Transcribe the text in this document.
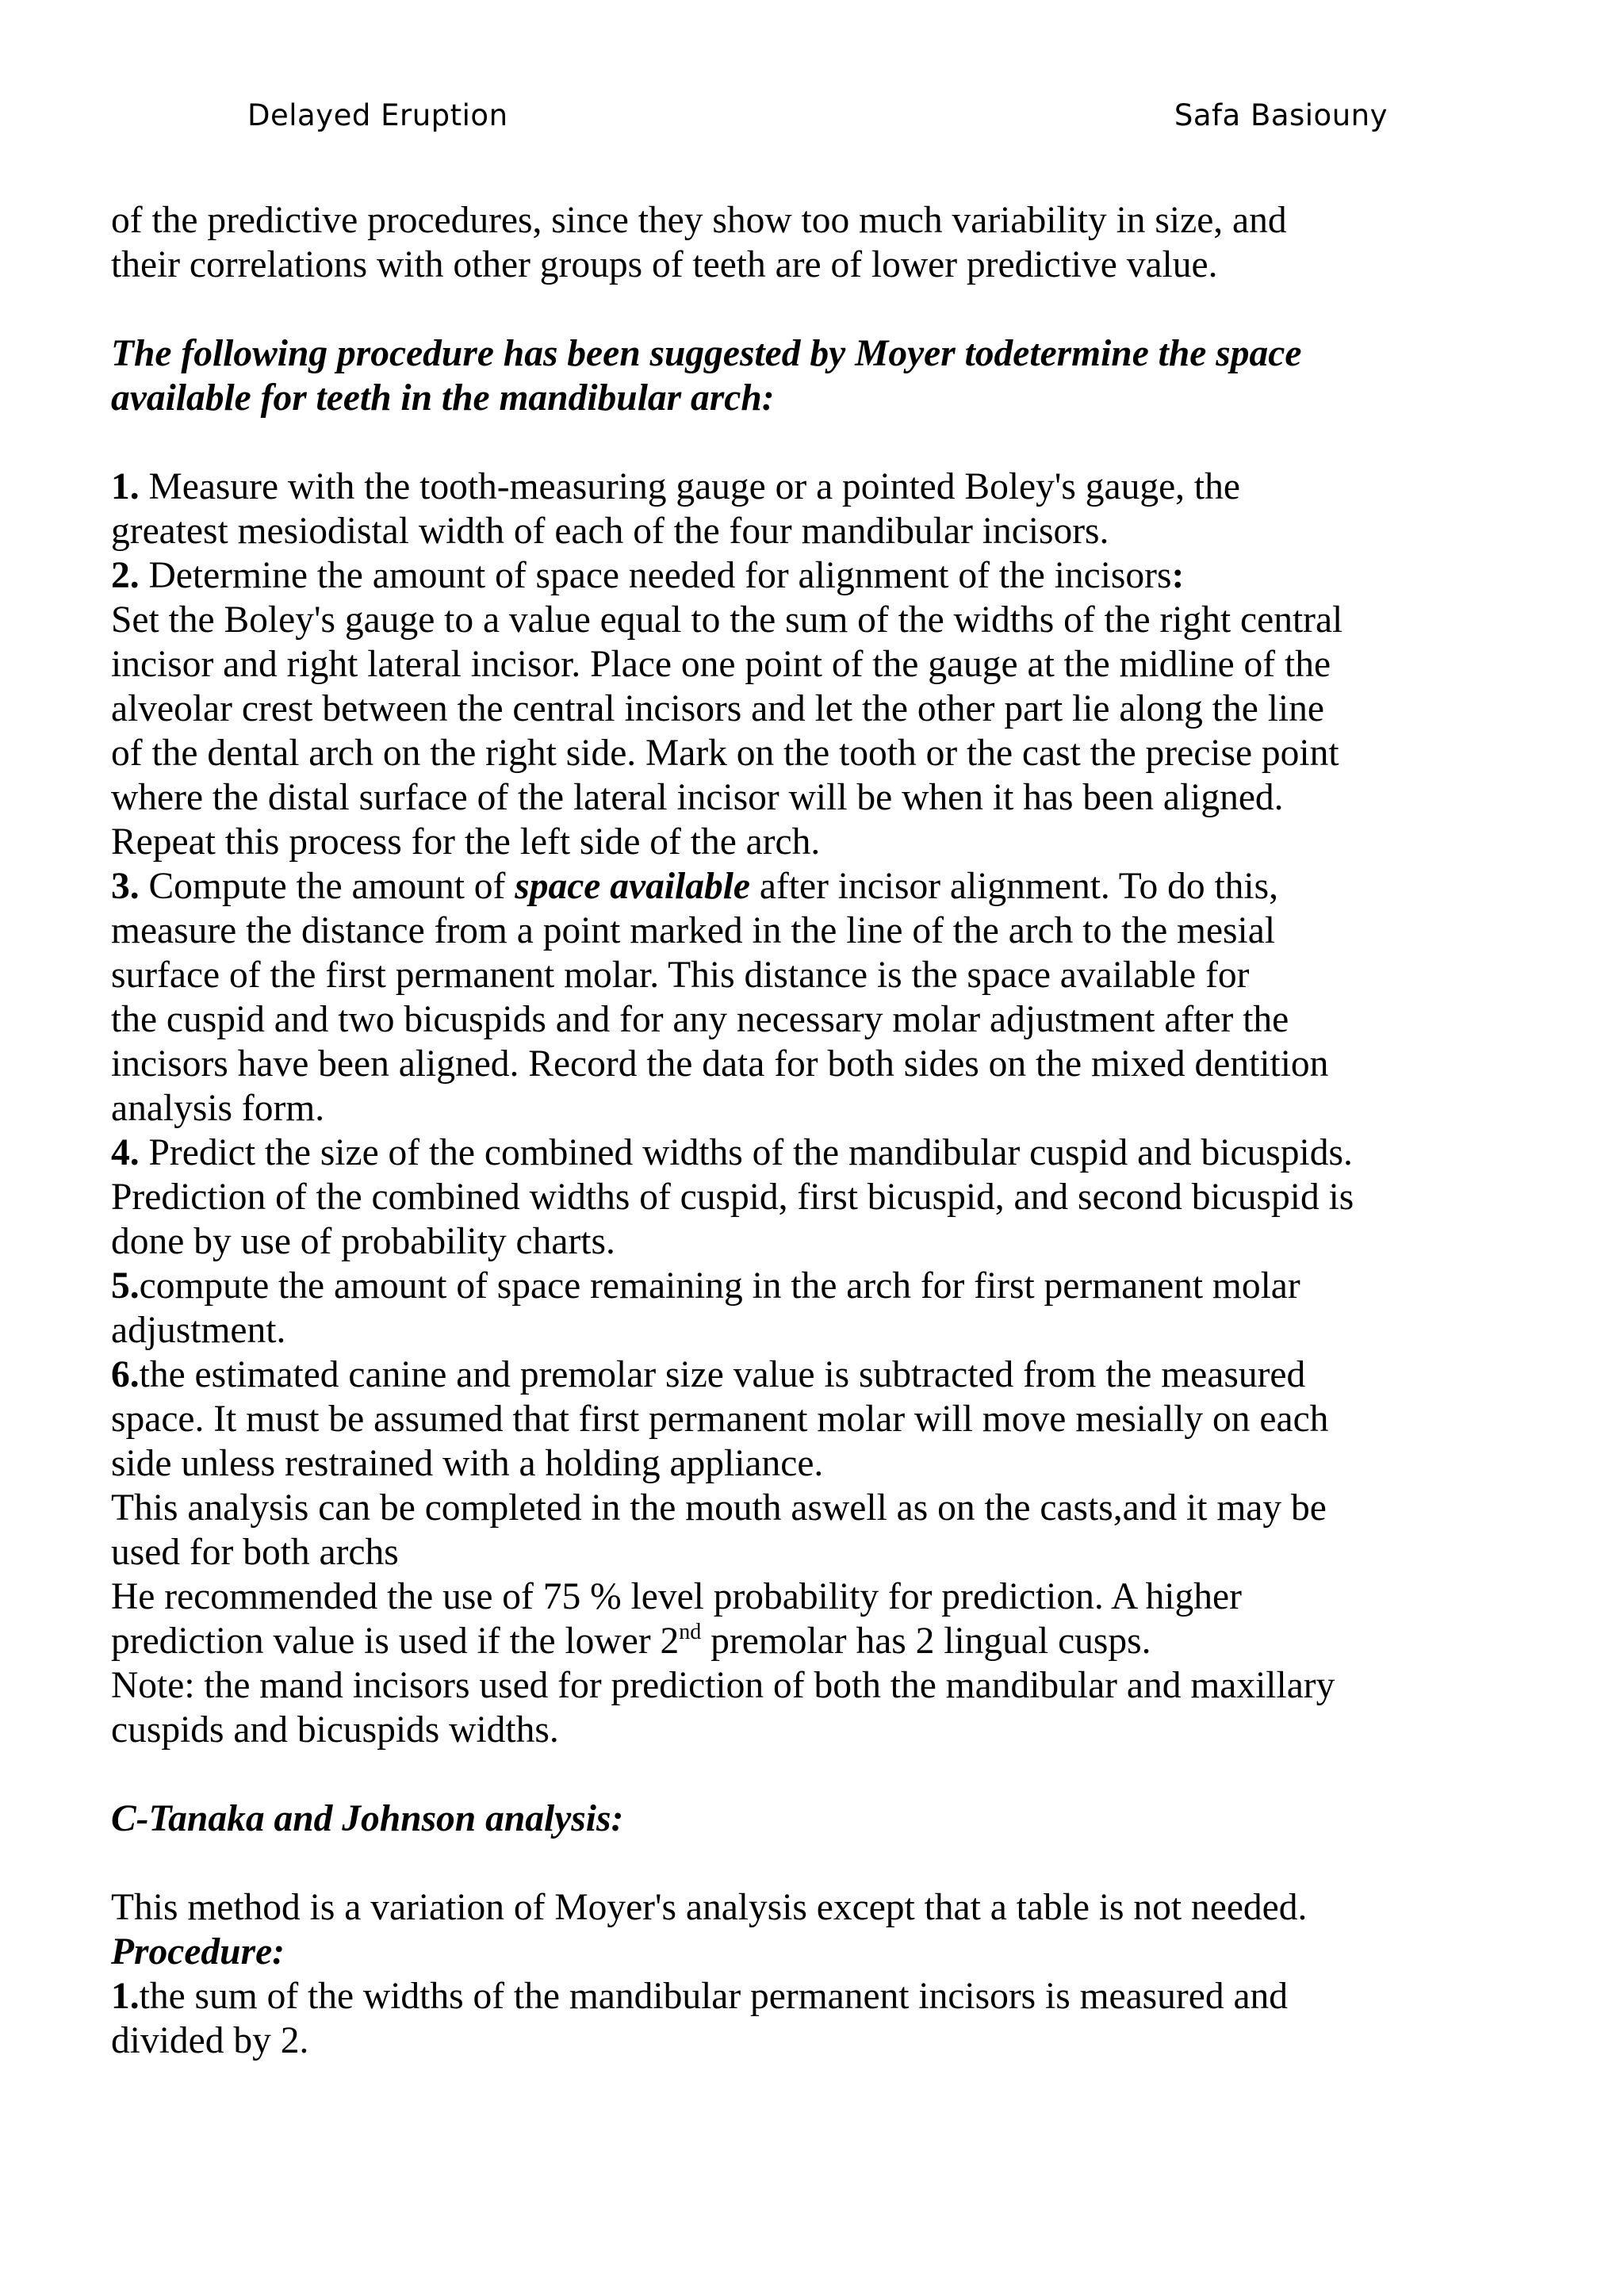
Delayed Eruption	Safa Basiouny

of the predictive procedures, since they show too much variability in size, and
their correlations with other groups of teeth are of lower predictive value.

The following procedure has been suggested by Moyer todetermine the space
available for teeth in the mandibular arch:

1. Measure with the tooth-measuring gauge or a pointed Boley's gauge, the
greatest mesiodistal width of each of the four mandibular incisors.

2. Determine the amount of space needed for alignment of the incisors:
Set the Boley's gauge to a value equal to the sum of the widths of the right central
incisor and right lateral incisor. Place one point of the gauge at the midline of the
alveolar crest between the central incisors and let the other part lie along the line
of the dental arch on the right side. Mark on the tooth or the cast the precise point
where the distal surface of the lateral incisor will be when it has been aligned.
Repeat this process for the left side of the arch.

3. Compute the amount of space available after incisor alignment. To do this,
measure the distance from a point marked in the line of the arch to the mesial
surface of the first permanent molar. This distance is the space available for
the cuspid and two bicuspids and for any necessary molar adjustment after the
incisors have been aligned. Record the data for both sides on the mixed dentition
analysis form.

4. Predict the size of the combined widths of the mandibular cuspid and bicuspids.
Prediction of the combined widths of cuspid, first bicuspid, and second bicuspid is
done by use of probability charts.

5.compute the amount of space remaining in the arch for first permanent molar
adjustment.

6.the estimated canine and premolar size value is subtracted from the measured
space. It must be assumed that first permanent molar will move mesially on each
side unless restrained with a holding appliance.

This analysis can be completed in the mouth aswell as on the casts,and it may be
used for both archs

He recommended the use of 75 % level probability for prediction. A higher
prediction value is used if the lower 2nd premolar has 2 lingual cusps.

Note: the mand incisors used for prediction of both the mandibular and maxillary
cuspids and bicuspids widths.

C-Tanaka and Johnson analysis:

This method is a variation of Moyer's analysis except that a table is not needed.

Procedure:

1.the sum of the widths of the mandibular permanent incisors is measured and
divided by 2.
